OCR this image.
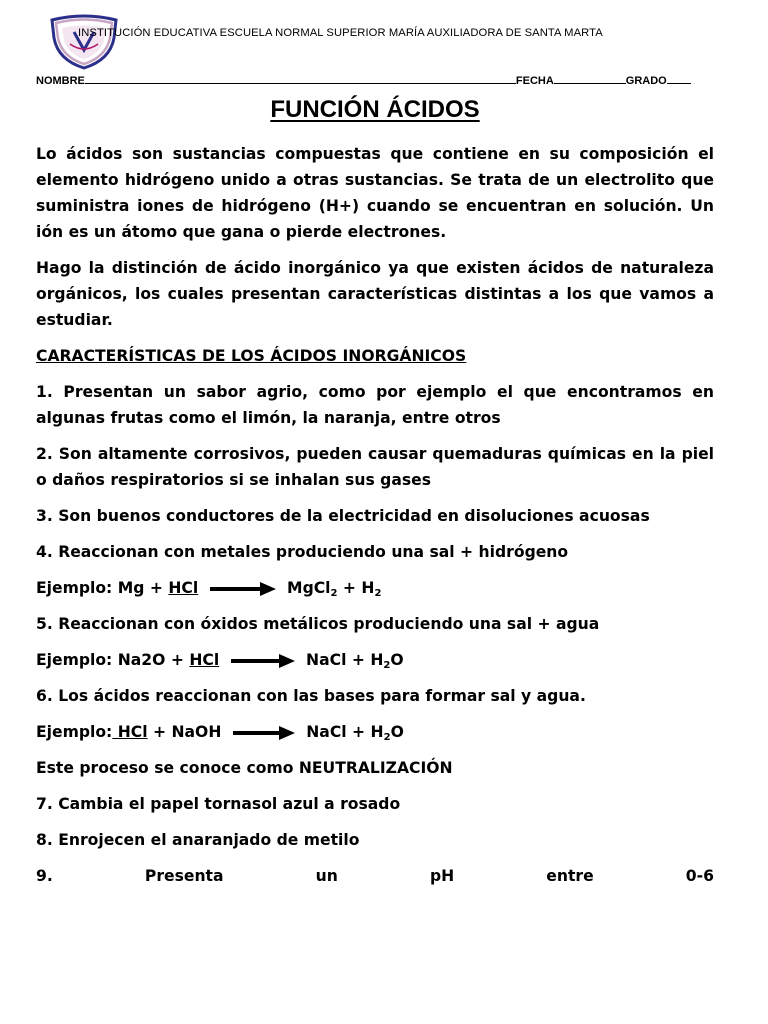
INSTITUCIÓN EDUCATIVA ESCUELA NORMAL SUPERIOR MARÍA AUXILIADORA DE SANTA MARTA
NOMBRE	FECHA	GRADO
FUNCIÓN ÁCIDOS

Lo ácidos son sustancias compuestas que contiene en su composición el elemento hidrógeno unido a otras sustancias. Se trata de un electrolito que suministra iones de hidrógeno (H+) cuando se encuentran en solución. Un ión es un átomo que gana o pierde electrones.

Hago la distinción de ácido inorgánico ya que existen ácidos de naturaleza orgánicos, los cuales presentan características distintas a los que vamos a estudiar.

CARACTERÍSTICAS DE LOS ÁCIDOS INORGÁNICOS

1. Presentan un sabor agrio, como por ejemplo el que encontramos en algunas frutas como el limón, la naranja, entre otros

2. Son altamente corrosivos, pueden causar quemaduras químicas en la piel o daños respiratorios si se inhalan sus gases

3. Son buenos conductores de la electricidad en disoluciones acuosas

4. Reaccionan con metales produciendo una sal + hidrógeno

Ejemplo: Mg + HCl	MgCl$_2$ + $H_2$

5. Reaccionan con óxidos metálicos produciendo una sal + agua

Ejemplo: Na2O + HCl	NaCl + $H_2O$

6. Los ácidos reaccionan con las bases para formar sal y agua.

Ejemplo: HCl + NaOH → NaCl + $H_2O$

Este proceso se conoce como NEUTRALIZACIÓN

7. Cambia el papel tornasol azul a rosado

8. Enrojecen el anaranjado de metilo

9.	Presenta	un	pH	entre	0-6
